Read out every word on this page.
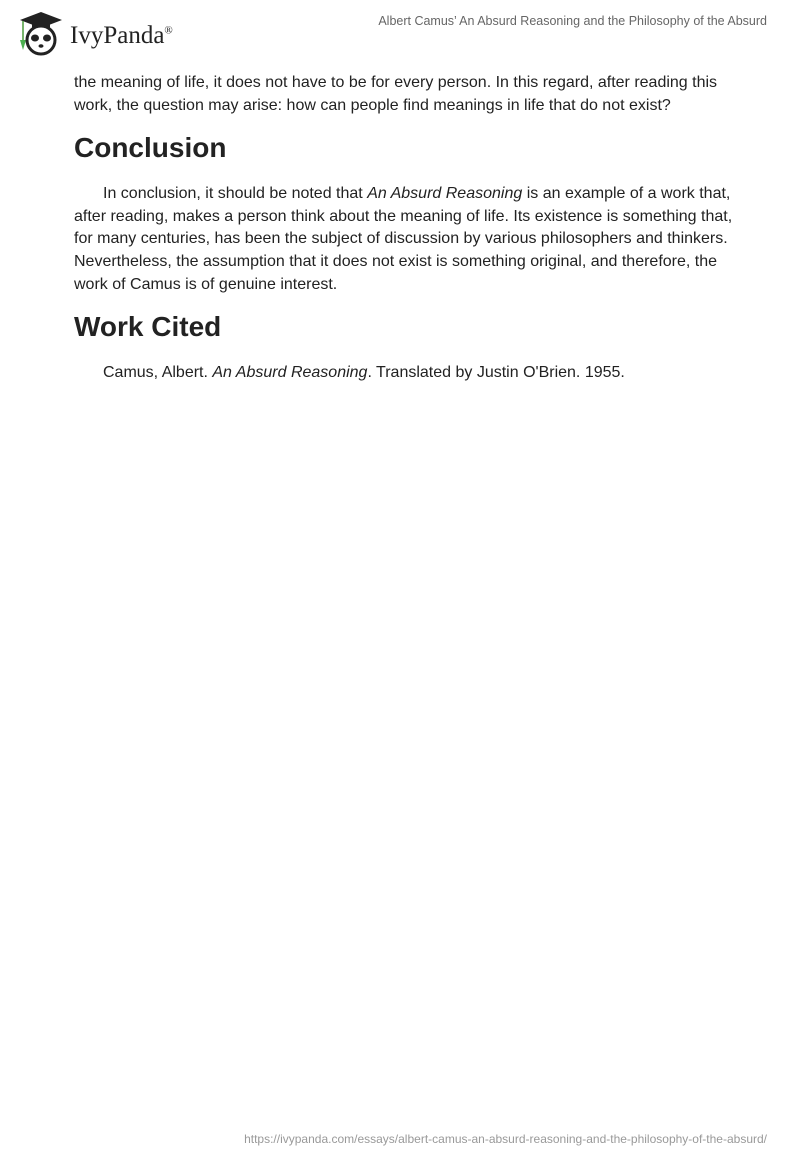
IvyPanda®
Albert Camus’ An Absurd Reasoning and the Philosophy of the Absurd

the meaning of life, it does not have to be for every person. In this regard, after reading this work, the question may arise: how can people find meanings in life that do not exist?

Conclusion

In conclusion, it should be noted that An Absurd Reasoning is an example of a work that, after reading, makes a person think about the meaning of life. Its existence is something that, for many centuries, has been the subject of discussion by various philosophers and thinkers. Nevertheless, the assumption that it does not exist is something original, and therefore, the work of Camus is of genuine interest.

Work Cited

Camus, Albert. An Absurd Reasoning. Translated by Justin O'Brien. 1955.

https://ivypanda.com/essays/albert-camus-an-absurd-reasoning-and-the-philosophy-of-the-absurd/
